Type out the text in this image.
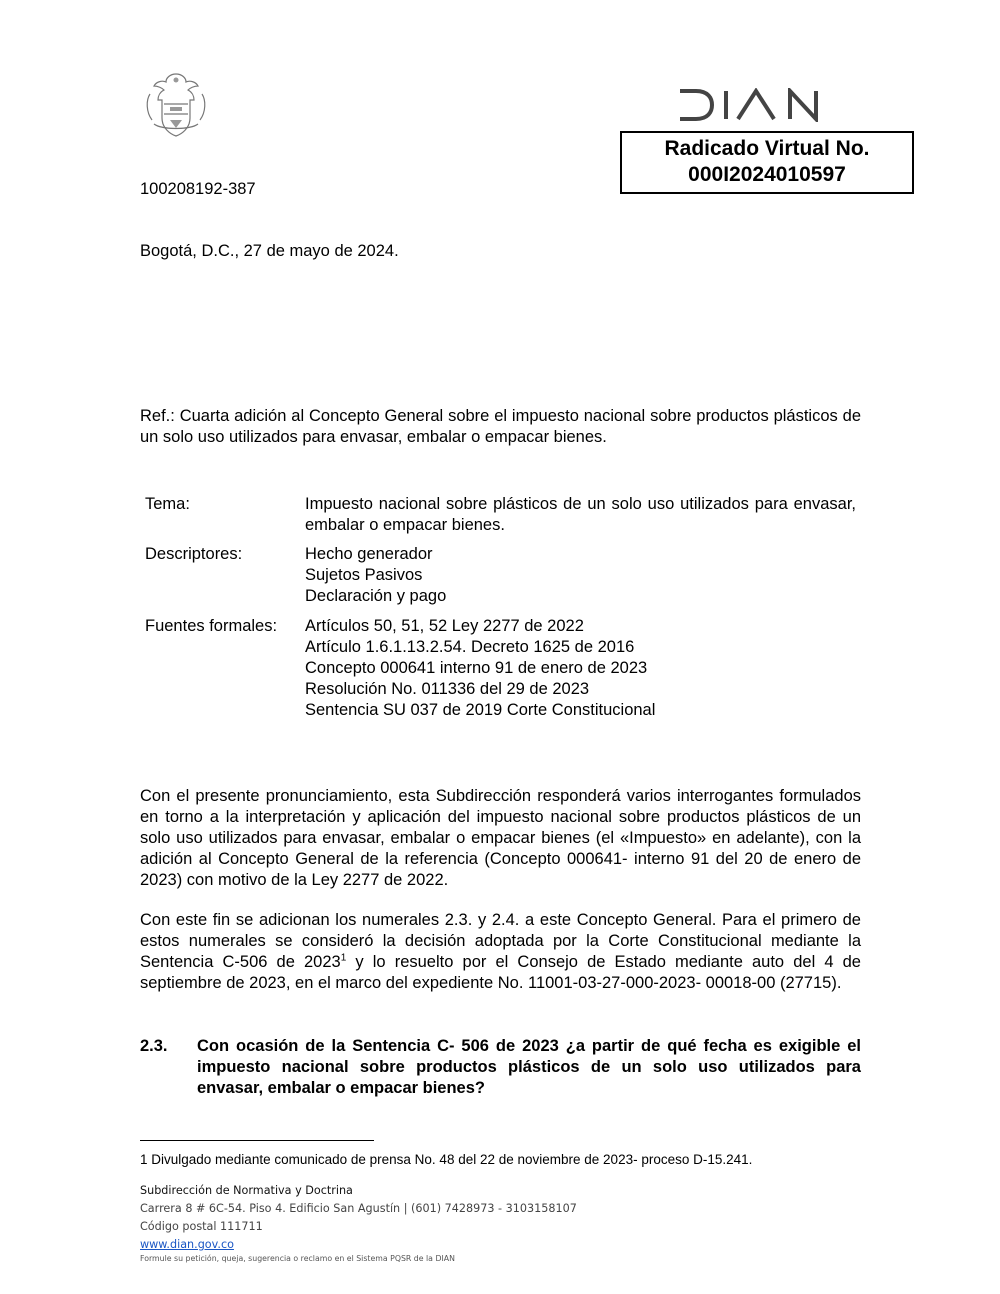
DIAN
Radicado Virtual No.
000I2024010597
100208192-387
Bogotá, D.C., 27 de mayo de 2024.
Ref.: Cuarta adición al Concepto General sobre el impuesto nacional sobre productos plásticos de un solo uso utilizados para envasar, embalar o empacar bienes.
Tema:	Impuesto nacional sobre plásticos de un solo uso utilizados para envasar, embalar o empacar bienes.
Descriptores:	Hecho generador
Sujetos Pasivos
Declaración y pago
Fuentes formales: Artículos 50, 51, 52 Ley 2277 de 2022
Artículo 1.6.1.13.2.54. Decreto 1625 de 2016
Concepto 000641 interno 91 de enero de 2023
Resolución No. 011336 del 29 de 2023
Sentencia SU 037 de 2019 Corte Constitucional
Con el presente pronunciamiento, esta Subdirección responderá varios interrogantes formulados en torno a la interpretación y aplicación del impuesto nacional sobre productos plásticos de un solo uso utilizados para envasar, embalar o empacar bienes (el «Impuesto» en adelante), con la adición al Concepto General de la referencia (Concepto 000641- interno 91 del 20 de enero de 2023) con motivo de la Ley 2277 de 2022.
Con este fin se adicionan los numerales 2.3. y 2.4. a este Concepto General. Para el primero de estos numerales se consideró la decisión adoptada por la Corte Constitucional mediante la Sentencia C-506 de 2023$^1$ y lo resuelto por el Consejo de Estado mediante auto del 4 de septiembre de 2023, en el marco del expediente No. 11001-03-27-000-2023- 00018-00 (27715).
2.3. Con ocasión de la Sentencia C- 506 de 2023 ¿a partir de qué fecha es exigible el impuesto nacional sobre productos plásticos de un solo uso utilizados para envasar, embalar o empacar bienes?
1 Divulgado mediante comunicado de prensa No. 48 del 22 de noviembre de 2023- proceso D-15.241.
Subdirección de Normativa y Doctrina
Carrera 8 # 6C-54. Piso 4. Edificio San Agustín | (601) 7428973 - 3103158107
Código postal 111711
www.dian.gov.co
Formule su petición, queja, sugerencia o reclamo en el Sistema PQSR de la DIAN
